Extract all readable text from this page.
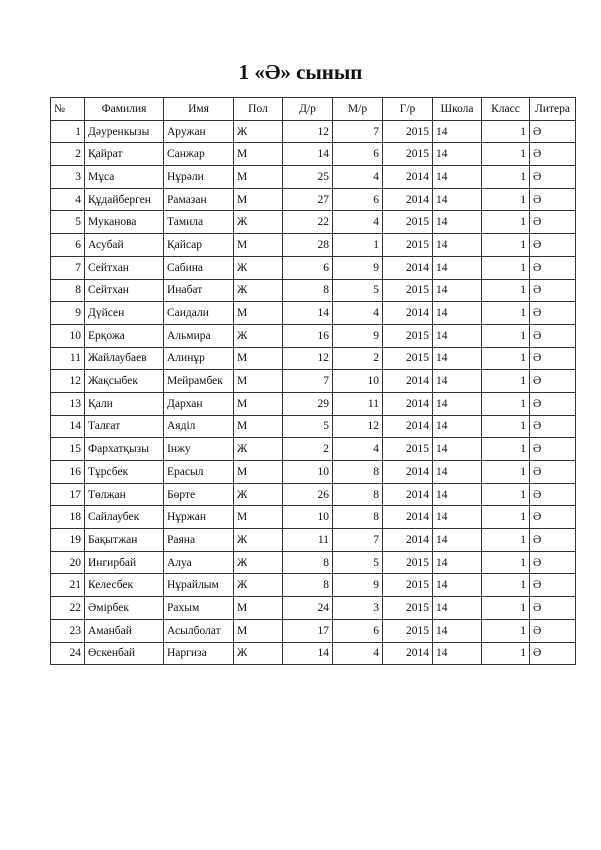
1 «Ә» сынып
№	Фамилия	Имя	Пол	Д/р	М/р	Г/р	Школа	Класс	Литера
1	Дәуренкызы	Аружан	Ж	12	7	2015	14	1	Ә
2	Қайрат	Санжар	М	14	6	2015	14	1	Ә
3	Мұса	Нұрәли	М	25	4	2014	14	1	Ә
4	Құдайберген	Рамазан	М	27	6	2014	14	1	Ә
5	Муканова	Тамила	Ж	22	4	2015	14	1	Ә
6	Асубай	Қайсар	М	28	1	2015	14	1	Ә
7	Сейтхан	Сабина	Ж	6	9	2014	14	1	Ә
8	Сейтхан	Инабат	Ж	8	5	2015	14	1	Ә
9	Дүйсен	Саидали	М	14	4	2014	14	1	Ә
10	Ерқожа	Альмира	Ж	16	9	2015	14	1	Ә
11	Жайлаубаев	Алинұр	М	12	2	2015	14	1	Ә
12	Жақсыбек	Мейрамбек	М	7	10	2014	14	1	Ә
13	Қали	Дархан	М	29	11	2014	14	1	Ә
14	Талғат	Аяділ	М	5	12	2014	14	1	Ә
15	Фархатқызы	Інжу	Ж	2	4	2015	14	1	Ә
16	Тұрсбек	Ерасыл	М	10	8	2014	14	1	Ә
17	Төлжан	Бөрте	Ж	26	8	2014	14	1	Ә
18	Сайлаубек	Нұржан	М	10	8	2014	14	1	Ә
19	Бақытжан	Раяна	Ж	11	7	2014	14	1	Ә
20	Ингирбай	Алуа	Ж	8	5	2015	14	1	Ә
21	Келесбек	Нұрайлым	Ж	8	9	2015	14	1	Ә
22	Әмірбек	Рахым	М	24	3	2015	14	1	Ә
23	Аманбай	Асылболат	М	17	6	2015	14	1	Ә
24	Өскенбай	Наргиза	Ж	14	4	2014	14	1	Ә
